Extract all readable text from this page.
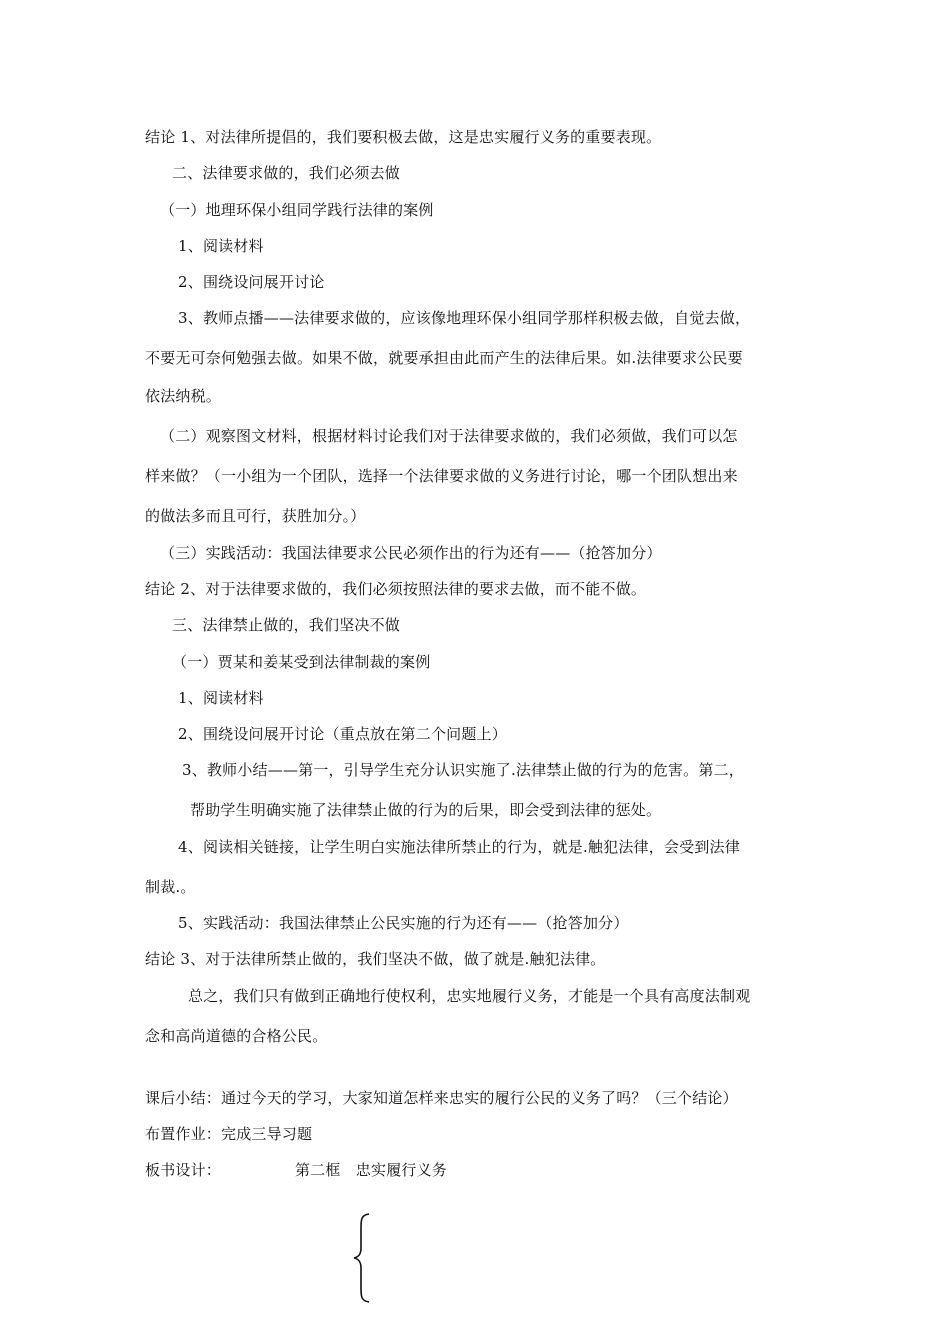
结论 1、对法律所提倡的，我们要积极去做，这是忠实履行义务的重要表现。
二、法律要求做的，我们必须去做
（一）地理环保小组同学践行法律的案例
1、阅读材料
2、围绕设问展开讨论
3、教师点播——法律要求做的，应该像地理环保小组同学那样积极去做，自觉去做，
不要无可奈何勉强去做。如果不做，就要承担由此而产生的法律后果。如.法律要求公民要
依法纳税。
（二）观察图文材料，根据材料讨论我们对于法律要求做的，我们必须做，我们可以怎
样来做？（一小组为一个团队，选择一个法律要求做的义务进行讨论，哪一个团队想出来
的做法多而且可行，获胜加分。）
（三）实践活动：我国法律要求公民必须作出的行为还有——（抢答加分）
结论 2、对于法律要求做的，我们必须按照法律的要求去做，而不能不做。
三、法律禁止做的，我们坚决不做
（一）贾某和姜某受到法律制裁的案例
1、阅读材料
2、围绕设问展开讨论（重点放在第二个问题上）
3、教师小结——第一，引导学生充分认识实施了.法律禁止做的行为的危害。第二，
帮助学生明确实施了法律禁止做的行为的后果，即会受到法律的惩处。
4、阅读相关链接，让学生明白实施法律所禁止的行为，就是.触犯法律，会受到法律
制裁.。
5、实践活动：我国法律禁止公民实施的行为还有——（抢答加分）
结论 3、对于法律所禁止做的，我们坚决不做，做了就是.触犯法律。
总之，我们只有做到正确地行使权利，忠实地履行义务，才能是一个具有高度法制观
念和高尚道德的合格公民。
课后小结：通过今天的学习，大家知道怎样来忠实的履行公民的义务了吗？（三个结论）
布置作业：完成三导习题
板书设计：	第二框　忠实履行义务
